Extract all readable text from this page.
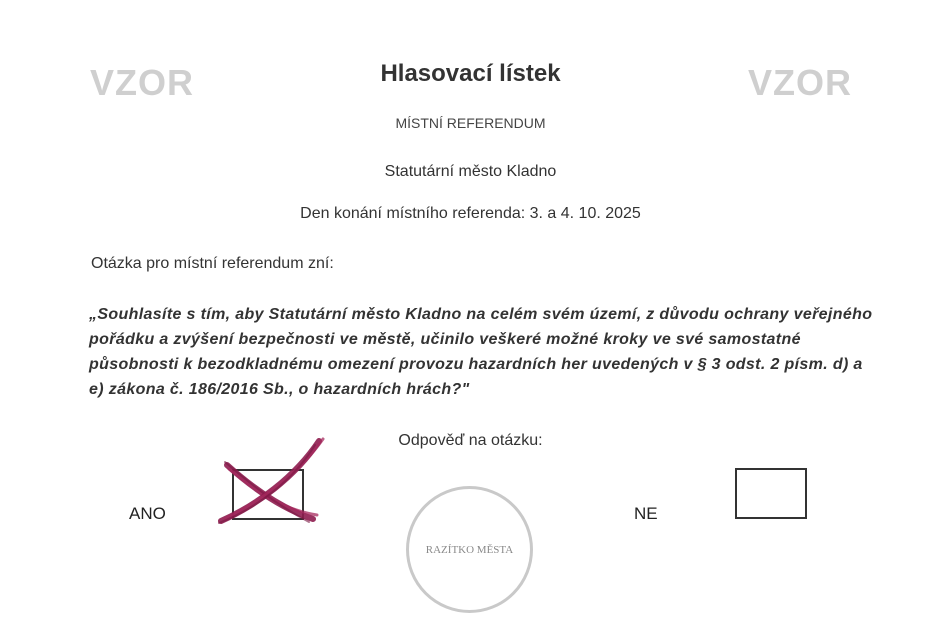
VZOR	VZOR
Hlasovací lístek
MÍSTNÍ REFERENDUM
Statutární město Kladno
Den konání místního referenda: 3. a 4. 10. 2025
Otázka pro místní referendum zní:
„Souhlasíte s tím, aby Statutární město Kladno na celém svém území, z důvodu ochrany veřejného pořádku a zvýšení bezpečnosti ve městě, učinilo veškeré možné kroky ve své samostatné působnosti k bezodkladnému omezení provozu hazardních her uvedených v § 3 odst. 2 písm. d) a e) zákona č. 186/2016 Sb., o hazardních hrách?"
Odpověď na otázku:
ANO
RAZÍTKO MĚSTA
NE
